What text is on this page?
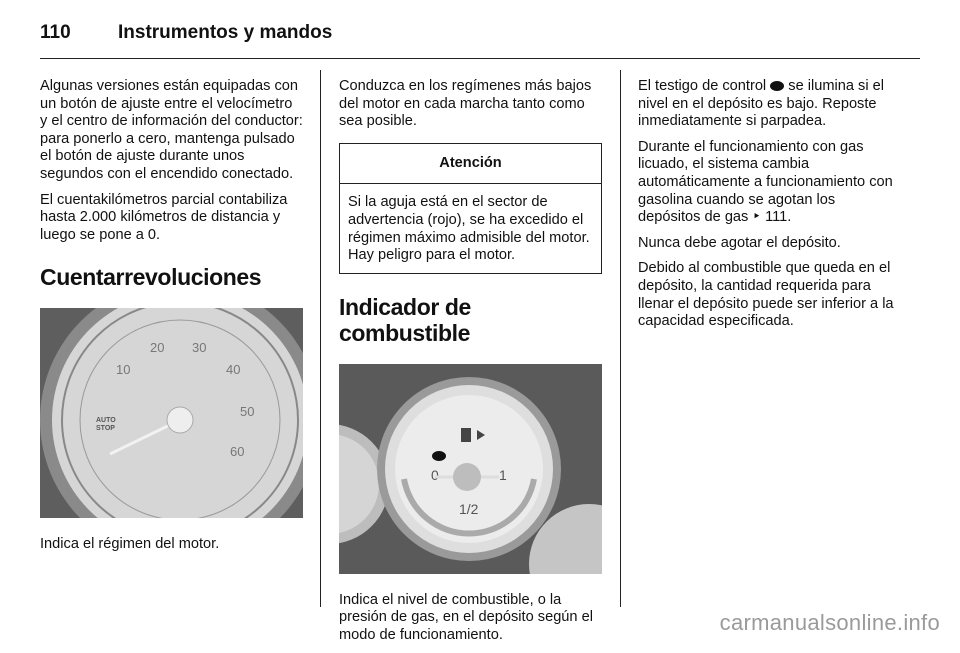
110	Instrumentos y mandos

Algunas versiones están equipadas con un botón de ajuste entre el velocímetro y el centro de información del conductor: para ponerlo a cero, mantenga pulsado el botón de ajuste durante unos segundos con el encendido conectado.

El cuentakilómetros parcial contabiliza hasta 2.000 kilómetros de distancia y luego se pone a 0.

Cuentarrevoluciones
10
20 30
40
50
60
AUTO
STOP

Indica el régimen del motor.

Conduzca en los regímenes más bajos del motor en cada marcha tanto como sea posible.

Atención
Si la aguja está en el sector de advertencia (rojo), se ha excedido el régimen máximo admisible del motor. Hay peligro para el motor.
Indicador de combustible
0	1
1/2

Indica el nivel de combustible, o la presión de gas, en el depósito según el modo de funcionamiento.

El testigo de control  se ilumina si el nivel en el depósito es bajo. Reposte inmediatamente si parpadea.

Durante el funcionamiento con gas licuado, el sistema cambia automáticamente a funcionamiento con gasolina cuando se agotan los depósitos de gas ‣ 111.

Nunca debe agotar el depósito.

Debido al combustible que queda en el depósito, la cantidad requerida para llenar el depósito puede ser inferior a la capacidad especificada.

carmanualsonline.info
